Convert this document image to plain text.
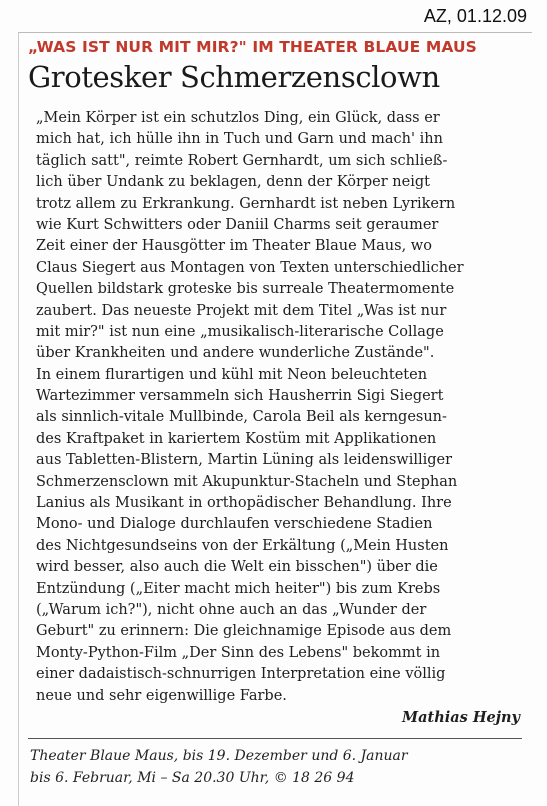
AZ, 01.12.09
„WAS IST NUR MIT MIR?" IM THEATER BLAUE MAUS
Grotesker Schmerzensclown
„Mein Körper ist ein schutzlos Ding, ein Glück, dass er
mich hat, ich hülle ihn in Tuch und Garn und mach' ihn
täglich satt", reimte Robert Gernhardt, um sich schließ-
lich über Undank zu beklagen, denn der Körper neigt
trotz allem zu Erkrankung. Gernhardt ist neben Lyrikern
wie Kurt Schwitters oder Daniil Charms seit geraumer
Zeit einer der Hausgötter im Theater Blaue Maus, wo
Claus Siegert aus Montagen von Texten unterschiedlicher
Quellen bildstark groteske bis surreale Theatermomente
zaubert. Das neueste Projekt mit dem Titel „Was ist nur
mit mir?" ist nun eine „musikalisch-literarische Collage
über Krankheiten und andere wunderliche Zustände".
In einem flurartigen und kühl mit Neon beleuchteten
Wartezimmer versammeln sich Hausherrin Sigi Siegert
als sinnlich-vitale Mullbinde, Carola Beil als kerngesun-
des Kraftpaket in kariertem Kostüm mit Applikationen
aus Tabletten-Blistern, Martin Lüning als leidenswilliger
Schmerzensclown mit Akupunktur-Stacheln und Stephan
Lanius als Musikant in orthopädischer Behandlung. Ihre
Mono- und Dialoge durchlaufen verschiedene Stadien
des Nichtgesundseins von der Erkältung („Mein Husten
wird besser, also auch die Welt ein bisschen") über die
Entzündung („Eiter macht mich heiter") bis zum Krebs
(„Warum ich?"), nicht ohne auch an das „Wunder der
Geburt" zu erinnern: Die gleichnamige Episode aus dem
Monty-Python-Film „Der Sinn des Lebens" bekommt in
einer dadaistisch-schnurrigen Interpretation eine völlig
neue und sehr eigenwillige Farbe.
Mathias Hejny
Theater Blaue Maus, bis 19. Dezember und 6. Januar
bis 6. Februar, Mi – Sa 20.30 Uhr, © 18 26 94
